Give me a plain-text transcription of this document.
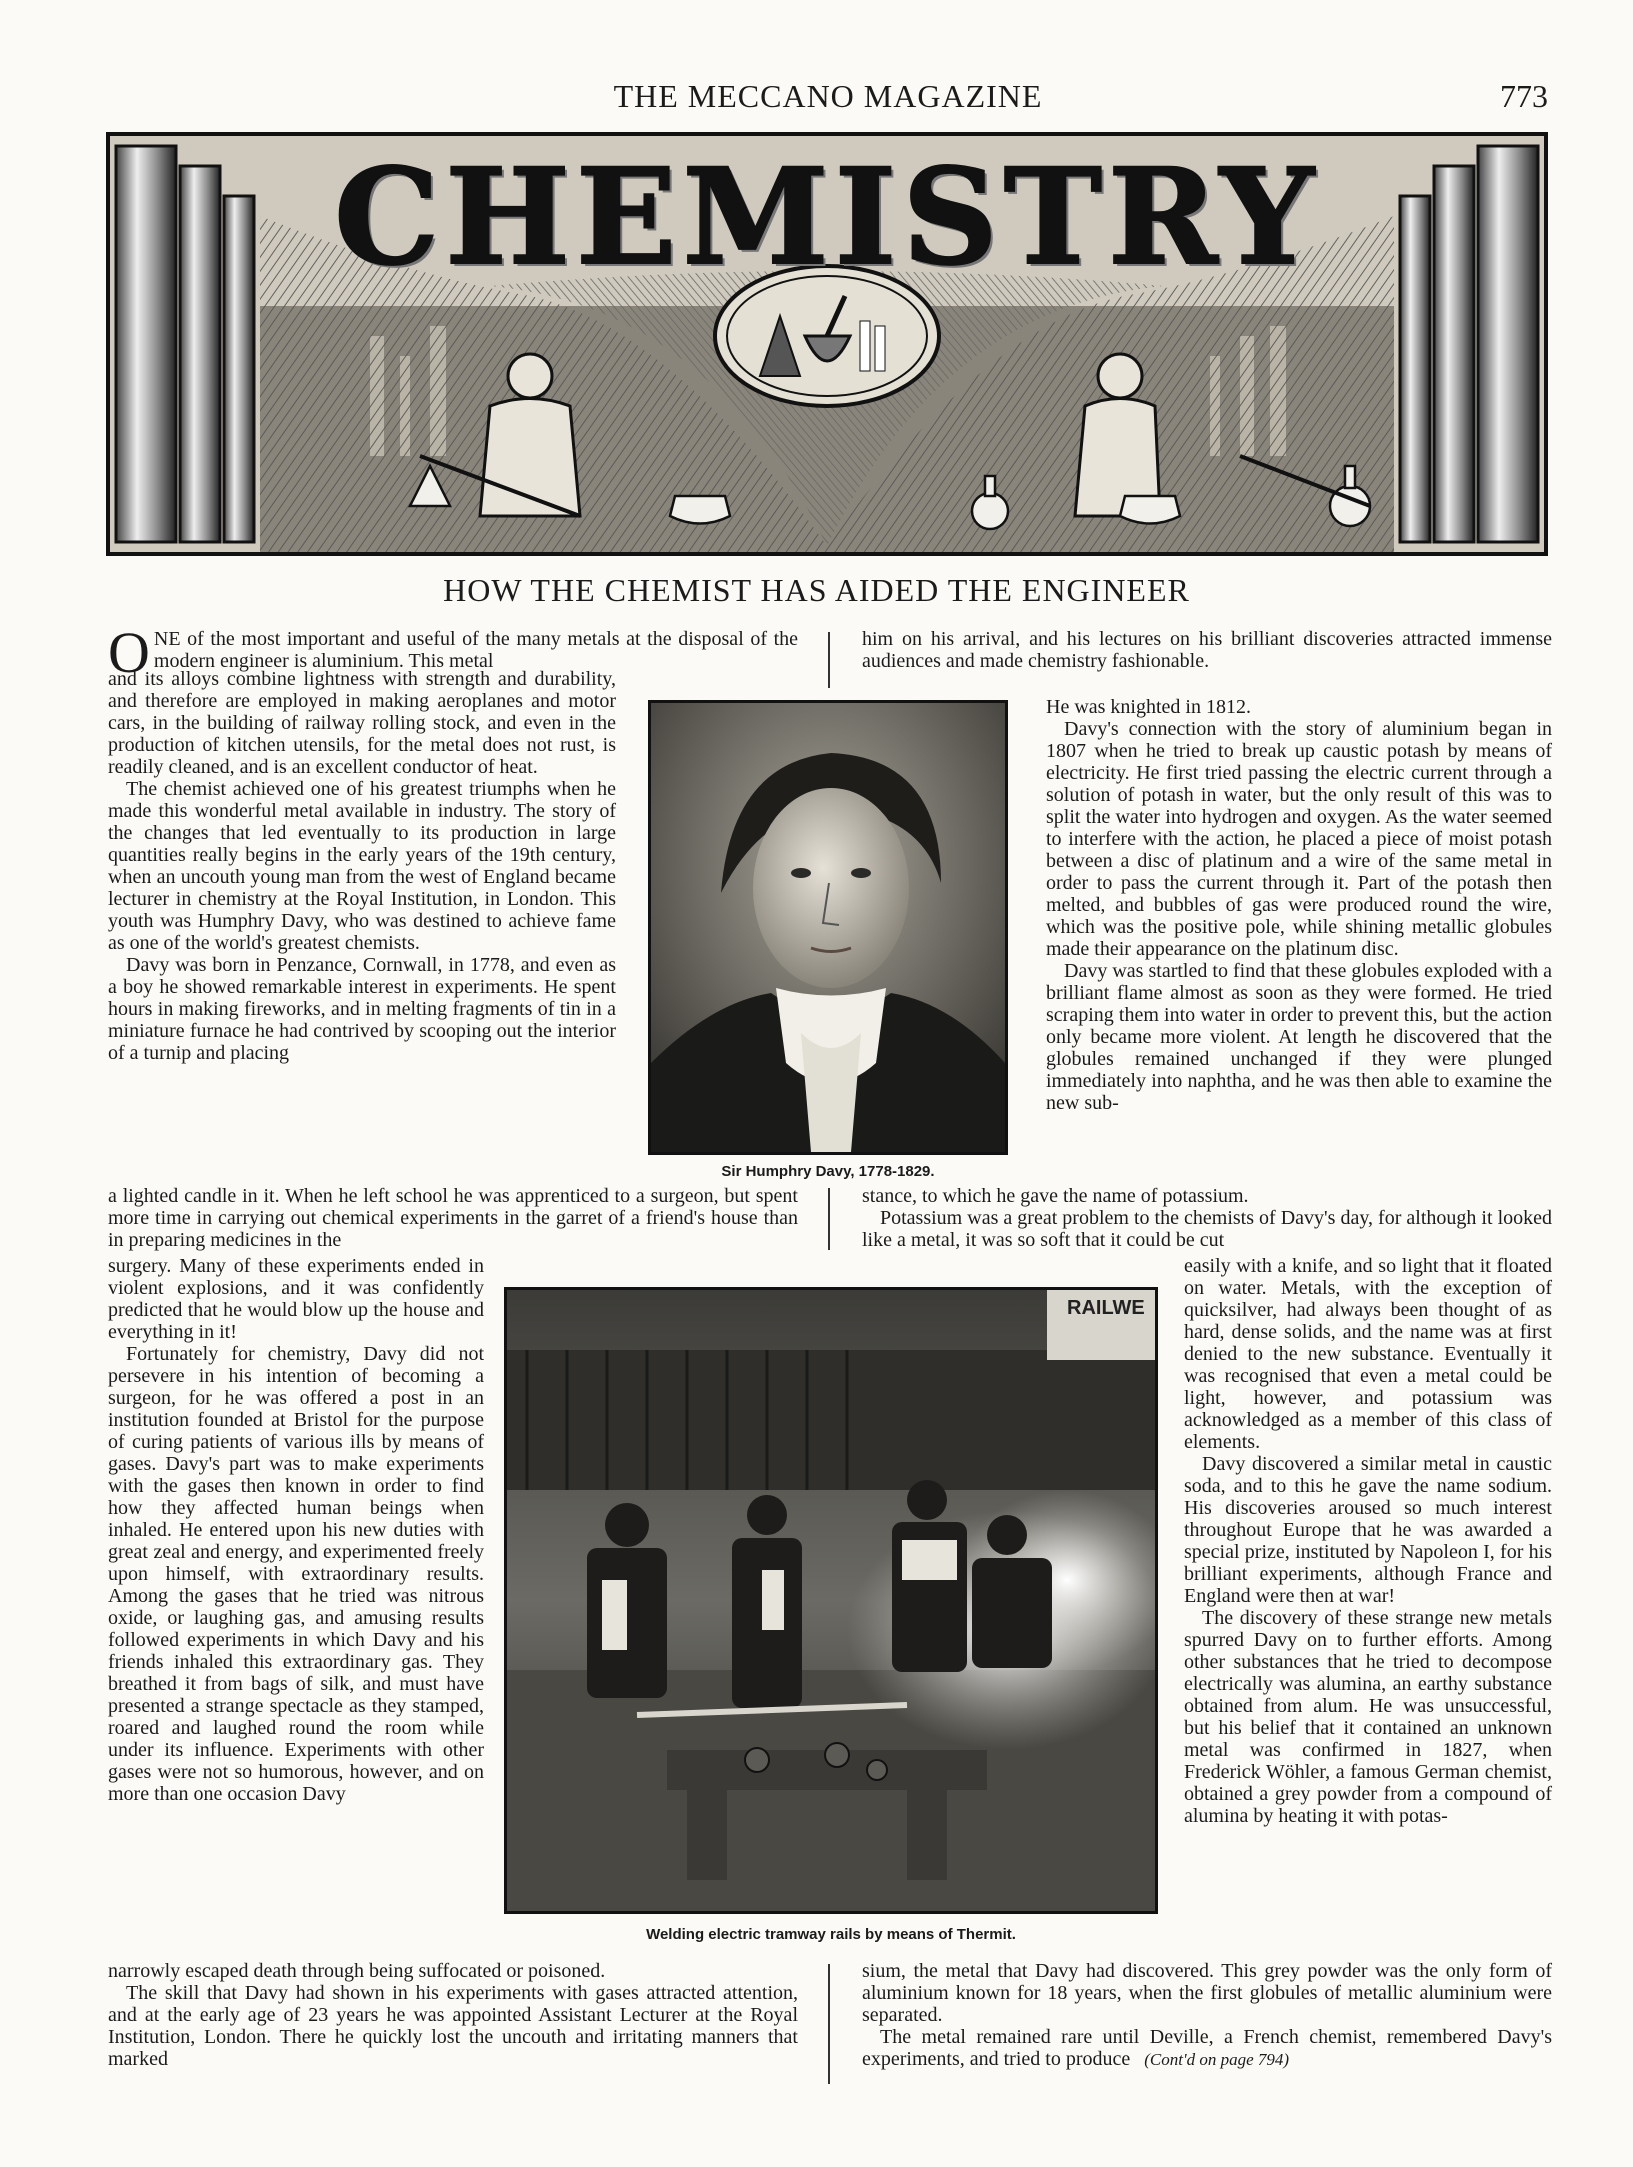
THE MECCANO MAGAZINE	773
CHEMISTRY
HOW THE CHEMIST HAS AIDED THE ENGINEER

ONE of the most important and useful of the many metals at the disposal of the modern engineer is aluminium. This metal

and its alloys combine lightness with strength and durability, and therefore are employed in making aeroplanes and motor cars, in the building of railway rolling stock, and even in the production of kitchen utensils, for the metal does not rust, is readily cleaned, and is an excellent conductor of heat.

The chemist achieved one of his greatest triumphs when he made this wonderful metal available in industry. The story of the changes that led eventually to its production in large quantities really begins in the early years of the 19th century, when an uncouth young man from the west of England became lecturer in chemistry at the Royal Institution, in London. This youth was Humphry Davy, who was destined to achieve fame as one of the world's greatest chemists.

Davy was born in Penzance, Cornwall, in 1778, and even as a boy he showed remarkable interest in experiments. He spent hours in making fireworks, and in melting fragments of tin in a miniature furnace he had contrived by scooping out the interior of a turnip and placing

a lighted candle in it. When he left school he was apprenticed to a surgeon, but spent more time in carrying out chemical experiments in the garret of a friend's house than in preparing medicines in the

surgery. Many of these experiments ended in violent explosions, and it was confidently predicted that he would blow up the house and everything in it!

Fortunately for chemistry, Davy did not persevere in his intention of becoming a surgeon, for he was offered a post in an institution founded at Bristol for the purpose of curing patients of various ills by means of gases. Davy's part was to make experiments with the gases then known in order to find how they affected human beings when inhaled. He entered upon his new duties with great zeal and energy, and experimented freely upon himself, with extraordinary results. Among the gases that he tried was nitrous oxide, or laughing gas, and amusing results followed experiments in which Davy and his friends inhaled this extraordinary gas. They breathed it from bags of silk, and must have presented a strange spectacle as they stamped, roared and laughed round the room while under its influence. Experiments with other gases were not so humorous, however, and on more than one occasion Davy

narrowly escaped death through being suffocated or poisoned.

The skill that Davy had shown in his experiments with gases attracted attention, and at the early age of 23 years he was appointed Assistant Lecturer at the Royal Institution, London. There he quickly lost the uncouth and irritating manners that marked

him on his arrival, and his lectures on his brilliant discoveries attracted immense audiences and made chemistry fashionable.

He was knighted in 1812.

Davy's connection with the story of aluminium began in 1807 when he tried to break up caustic potash by means of electricity. He first tried passing the electric current through a solution of potash in water, but the only result of this was to split the water into hydrogen and oxygen. As the water seemed to interfere with the action, he placed a piece of moist potash between a disc of platinum and a wire of the same metal in order to pass the current through it. Part of the potash then melted, and bubbles of gas were produced round the wire, which was the positive pole, while shining metallic globules made their appearance on the platinum disc.

Davy was startled to find that these globules exploded with a brilliant flame almost as soon as they were formed. He tried scraping them into water in order to prevent this, but the action only became more violent. At length he discovered that the globules remained unchanged if they were plunged immediately into naphtha, and he was then able to examine the new sub-

stance, to which he gave the name of potassium.

Potassium was a great problem to the chemists of Davy's day, for although it looked like a metal, it was so soft that it could be cut

easily with a knife, and so light that it floated on water. Metals, with the exception of quicksilver, had always been thought of as hard, dense solids, and the name was at first denied to the new substance. Eventually it was recognised that even a metal could be light, however, and potassium was acknowledged as a member of this class of elements.

Davy discovered a similar metal in caustic soda, and to this he gave the name sodium. His discoveries aroused so much interest throughout Europe that he was awarded a special prize, instituted by Napoleon I, for his brilliant experiments, although France and England were then at war!

The discovery of these strange new metals spurred Davy on to further efforts. Among other substances that he tried to decompose electrically was alumina, an earthy substance obtained from alum. He was unsuccessful, but his belief that it contained an unknown metal was confirmed in 1827, when Frederick Wöhler, a famous German chemist, obtained a grey powder from a compound of alumina by heating it with potas-

sium, the metal that Davy had discovered. This grey powder was the only form of aluminium known for 18 years, when the first globules of metallic aluminium were separated.

The metal remained rare until Deville, a French chemist, remembered Davy's experiments, and tried to produce (Cont'd on page 794)

Sir Humphry Davy, 1778-1829.
RAILWE
Welding electric tramway rails by means of Thermit.
